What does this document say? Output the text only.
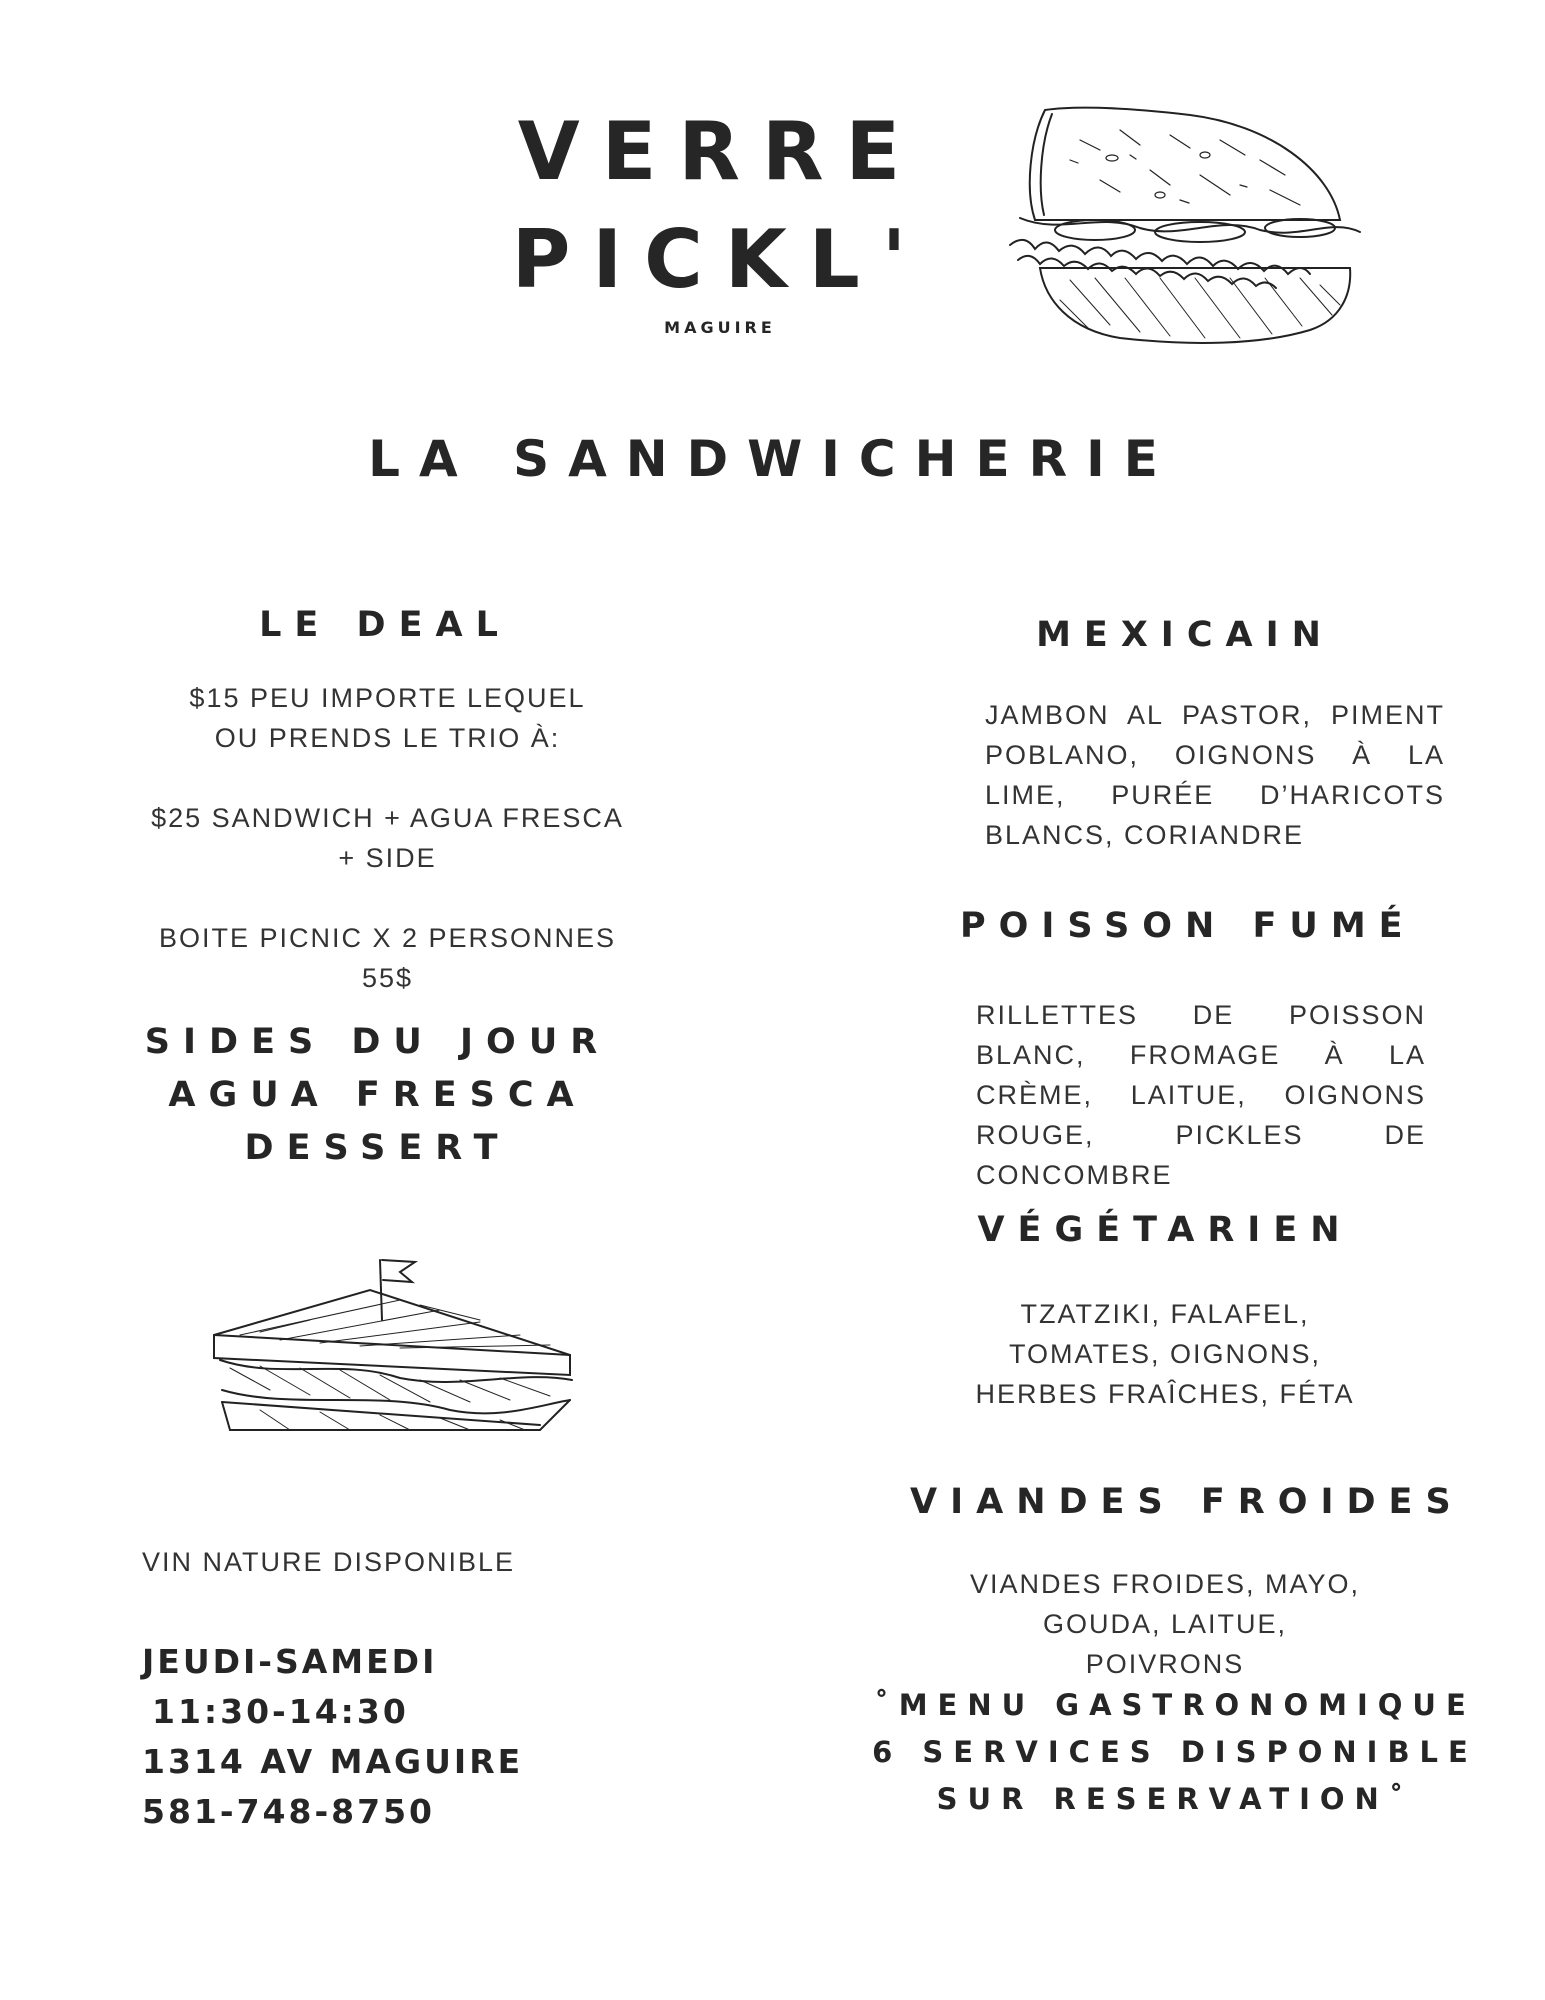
VERRE
PICKL'
MAGUIRE
LA SANDWICHERIE
LE DEAL
$15 PEU IMPORTE LEQUEL
OU PRENDS LE TRIO À:
$25 SANDWICH + AGUA FRESCA
+ SIDE
BOITE PICNIC X 2 PERSONNES
55$
SIDES DU JOUR
AGUA FRESCA
DESSERT
VIN NATURE DISPONIBLE
JEUDI-SAMEDI
11:30-14:30
1314 AV MAGUIRE
581-748-8750
MEXICAIN

JAMBON AL PASTOR, PIMENT

POBLANO, OIGNONS À LA

LIME, PURÉE D’HARICOTS

BLANCS, CORIANDRE

POISSON FUMÉ

RILLETTES DE POISSON

BLANC, FROMAGE À LA

CRÈME, LAITUE, OIGNONS

ROUGE, PICKLES DE

CONCOMBRE

VÉGÉTARIEN
TZATZIKI, FALAFEL,
TOMATES, OIGNONS,
HERBES FRAÎCHES, FÉTA
VIANDES FROIDES
VIANDES FROIDES, MAYO,
GOUDA, LAITUE, POIVRONS
˚MENU GASTRONOMIQUE
6 SERVICES DISPONIBLE
SUR RESERVATION˚
